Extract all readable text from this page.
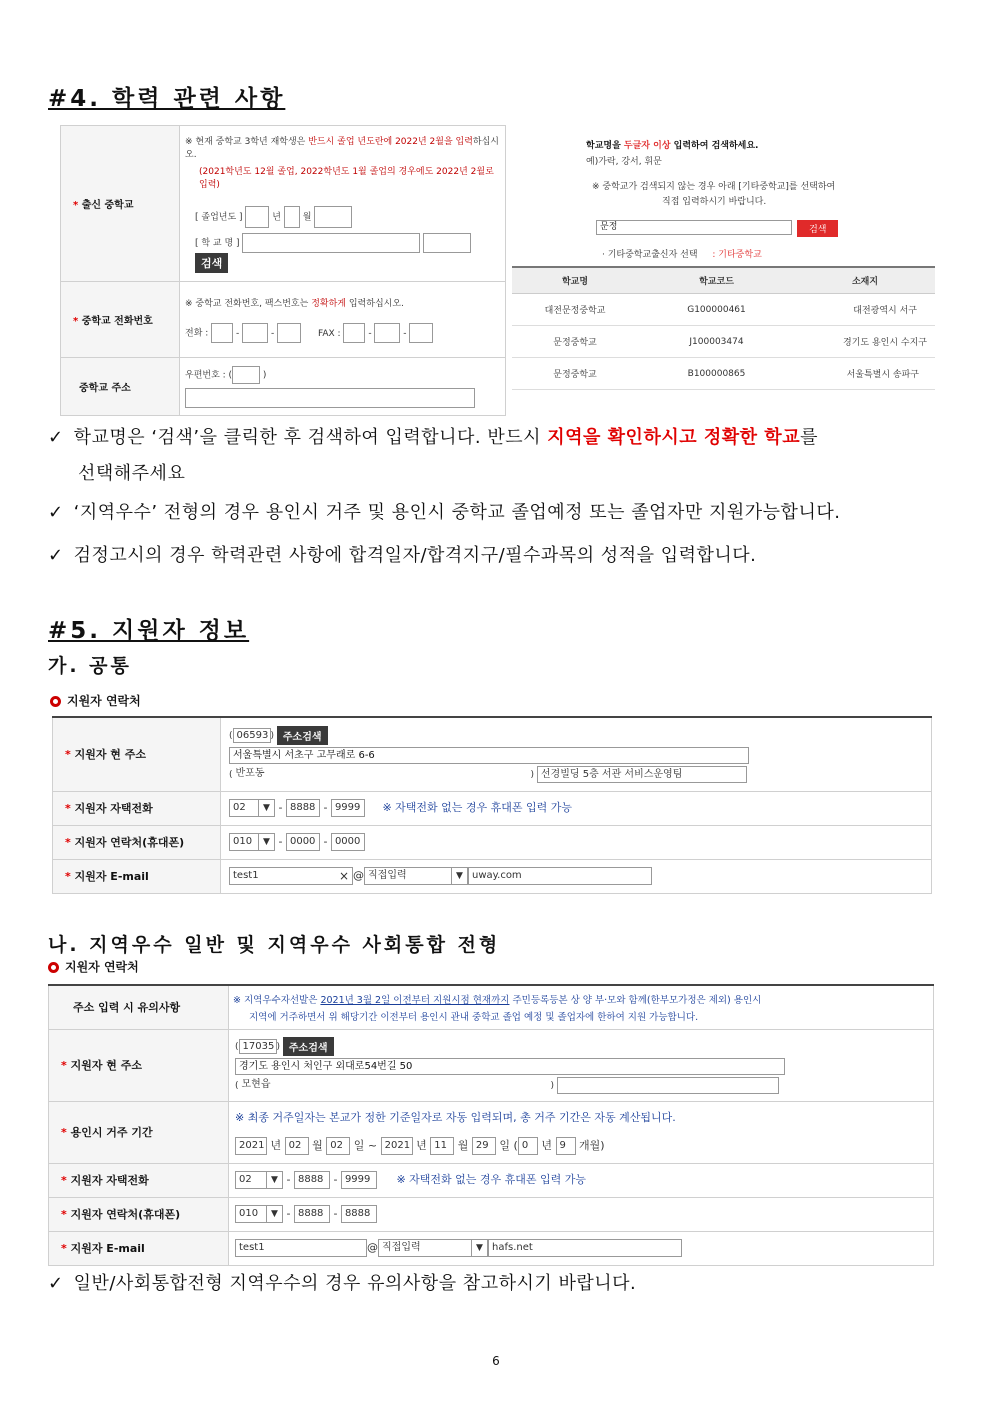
#4. 학력 관련 사항
* 출신 중학교	※ 현재 중학교 3학년 재학생은 반드시 졸업 년도란에 2022년 2월을 입력하십시오.
(2021학년도 12월 졸업, 2022학년도 1월 졸업의 경우에도 2022년 2월로 입력)
[ 졸업년도 ] 년 월
[ 학 교 명 ]   검색

* 중학교 전화번호	※ 중학교 전화번호, 팩스번호는 정확하게 입력하십시오.
전화 : - - FAX : - -

중학교 주소	우편번호 : ( )
학교명을 두글자 이상 입력하여 검색하세요.
예)가락, 강서, 휘문
※ 중학교가 검색되지 않는 경우 아래 [기타중학교]를 선택하여
직접 입력하시기 바랍니다.
문정	검색
· 기타중학교출신자 선택 : 기타중학교
학교명	학교코드	소재지
대전문정중학교	G100000461	대전광역시 서구
문정중학교	J100003474	경기도 용인시 수지구
문정중학교	B100000865	서울특별시 송파구
✓ 학교명은 ‘검색’을 클릭한 후 검색하여 입력합니다. 반드시 지역을 확인하시고 정확한 학교를
선택해주세요
✓ ‘지역우수’ 전형의 경우 용인시 거주 및 용인시 중학교 졸업예정 또는 졸업자만 지원가능합니다.
✓ 검정고시의 경우 학력관련 사항에 합격일자/합격지구/필수과목의 성적을 입력합니다.
#5. 지원자 정보
가. 공통
지원자 연락처
* 지원자 현 주소	( 06593 ) 주소검색
서울특별시 서초구 고무래로 6-6
( 반포동 ) 선경빌딩 5층 서관 서비스운영팀

* 지원자 자택전화	02 ▼ - 8888 - 9999 ※ 자택전화 없는 경우 휴대폰 입력 가능
* 지원자 연락처(휴대폰)	010 ▼ - 0000 - 0000
* 지원자 E-mail	test1 × @ 직접입력 ▼ uway.com
나. 지역우수 일반 및 지역우수 사회통합 전형
지원자 연락처
주소 입력 시 유의사항	※ 지역우수자선발은 2021년 3월 2일 이전부터 지원시점 현재까지 주민등록등본 상 양 부·모와 함께(한부모가정은 제외) 용인시
지역에 거주하면서 위 해당기간 이전부터 용인시 관내 중학교 졸업 예정 및 졸업자에 한하여 지원 가능합니다.

* 지원자 현 주소	( 17035 ) 주소검색
경기도 용인시 처인구 외대로54번길 50
( 모현읍 )

* 용인시 거주 기간	※ 최종 거주일자는 본교가 정한 기준일자로 자동 입력되며, 총 거주 기간은 자동 계산됩니다.
2021 년 02 월 02 일 ~ 2021 년 11 월 29 일 ( 0 년 9 개월)

* 지원자 자택전화	02 ▼ - 8888 - 9999 ※ 자택전화 없는 경우 휴대폰 입력 가능
* 지원자 연락처(휴대폰)	010 ▼ - 8888 - 8888
* 지원자 E-mail	test1 @ 직접입력 ▼ hafs.net
✓ 일반/사회통합전형 지역우수의 경우 유의사항을 참고하시기 바랍니다.
6
